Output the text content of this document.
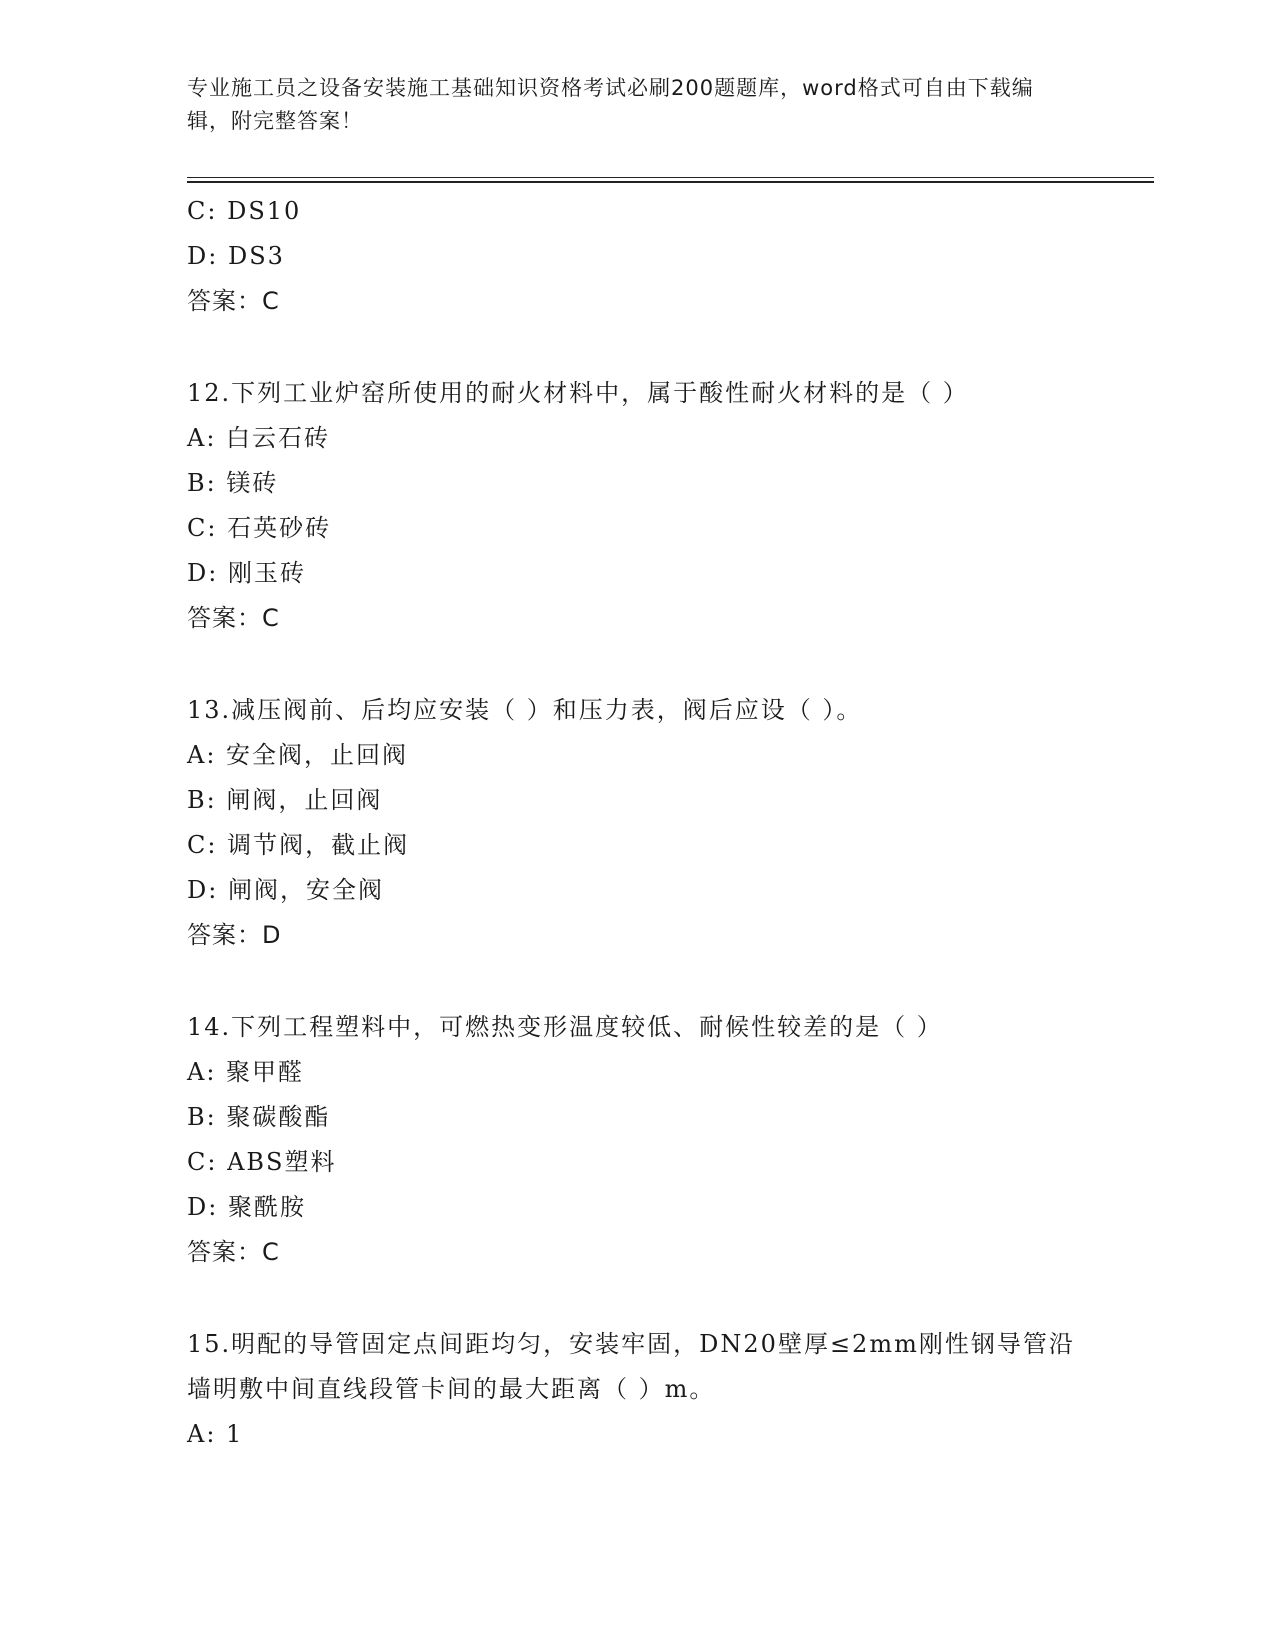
专业施工员之设备安装施工基础知识资格考试必刷200题题库，word格式可自由下载编辑，附完整答案！
C: DS10
D: DS3
答案：C
12.下列工业炉窑所使用的耐火材料中，属于酸性耐火材料的是（ ）
A: 白云石砖
B: 镁砖
C: 石英砂砖
D: 刚玉砖
答案：C
13.减压阀前、后均应安装（ ）和压力表，阀后应设（ ）。
A: 安全阀，止回阀
B: 闸阀，止回阀
C: 调节阀，截止阀
D: 闸阀，安全阀
答案：D
14.下列工程塑料中，可燃热变形温度较低、耐候性较差的是（ ）
A: 聚甲醛
B: 聚碳酸酯
C: ABS塑料
D: 聚酰胺
答案：C
15.明配的导管固定点间距均匀，安装牢固，DN20壁厚≤2mm刚性钢导管沿墙明敷中间直线段管卡间的最大距离（ ）m。
A: 1
